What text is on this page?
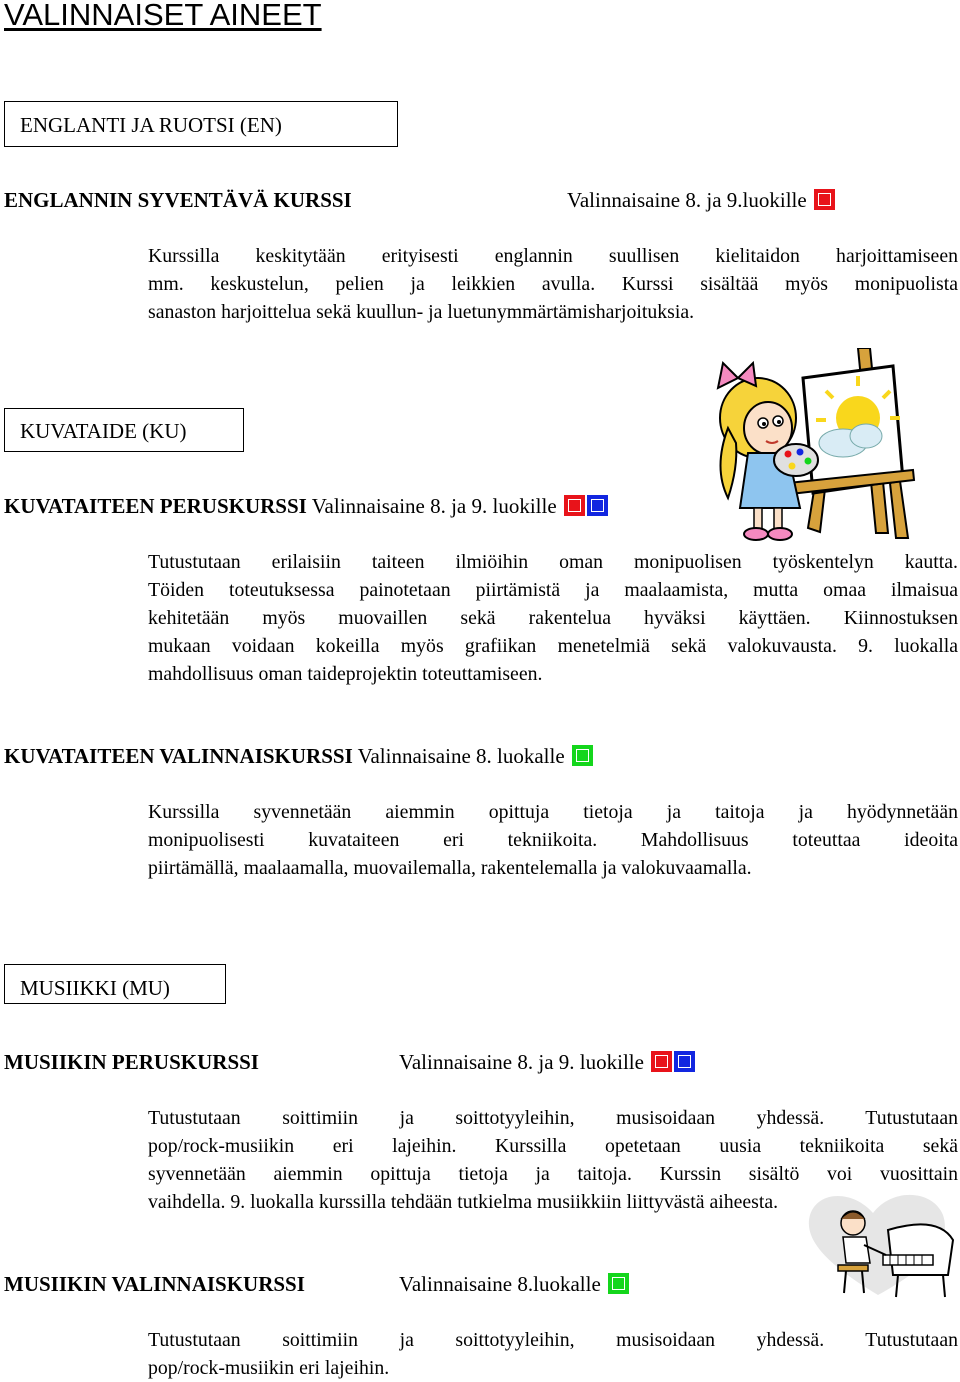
VALINNAISET AINEET
ENGLANTI JA RUOTSI (EN)
ENGLANNIN SYVENTÄVÄ KURSSI	Valinnaisaine 8. ja 9.luokille
Kurssilla keskitytään erityisesti englannin suullisen kielitaidon harjoittamiseen
mm. keskustelun, pelien ja leikkien avulla. Kurssi sisältää myös monipuolista
sanaston harjoittelua sekä kuullun- ja luetunymmärtämisharjoituksia.
KUVATAIDE (KU)
KUVATAITEEN PERUSKURSSI Valinnaisaine 8. ja 9. luokille
Tutustutaan erilaisiin taiteen ilmiöihin oman monipuolisen työskentelyn kautta.
Töiden toteutuksessa painotetaan piirtämistä ja maalaamista, mutta omaa ilmaisua
kehitetään myös muovaillen sekä rakentelua hyväksi käyttäen. Kiinnostuksen
mukaan voidaan kokeilla myös grafiikan menetelmiä sekä valokuvausta. 9. luokalla
mahdollisuus oman taideprojektin toteuttamiseen.
KUVATAITEEN VALINNAISKURSSI Valinnaisaine 8. luokalle
Kurssilla syvennetään aiemmin opittuja tietoja ja taitoja ja hyödynnetään
monipuolisesti kuvataiteen eri tekniikoita. Mahdollisuus toteuttaa ideoita
piirtämällä, maalaamalla, muovailemalla, rakentelemalla ja valokuvaamalla.
MUSIIKKI (MU)
MUSIIKIN PERUSKURSSI	Valinnaisaine 8. ja 9. luokille
Tutustutaan soittimiin ja soittotyyleihin, musisoidaan yhdessä. Tutustutaan
pop/rock-musiikin eri lajeihin. Kurssilla opetetaan uusia tekniikoita sekä
syvennetään aiemmin opittuja tietoja ja taitoja. Kurssin sisältö voi vuosittain
vaihdella. 9. luokalla kurssilla tehdään tutkielma musiikkiin liittyvästä aiheesta.
MUSIIKIN VALINNAISKURSSI	Valinnaisaine 8.luokalle
Tutustutaan soittimiin ja soittotyyleihin, musisoidaan yhdessä. Tutustutaan
pop/rock-musiikin eri lajeihin.
